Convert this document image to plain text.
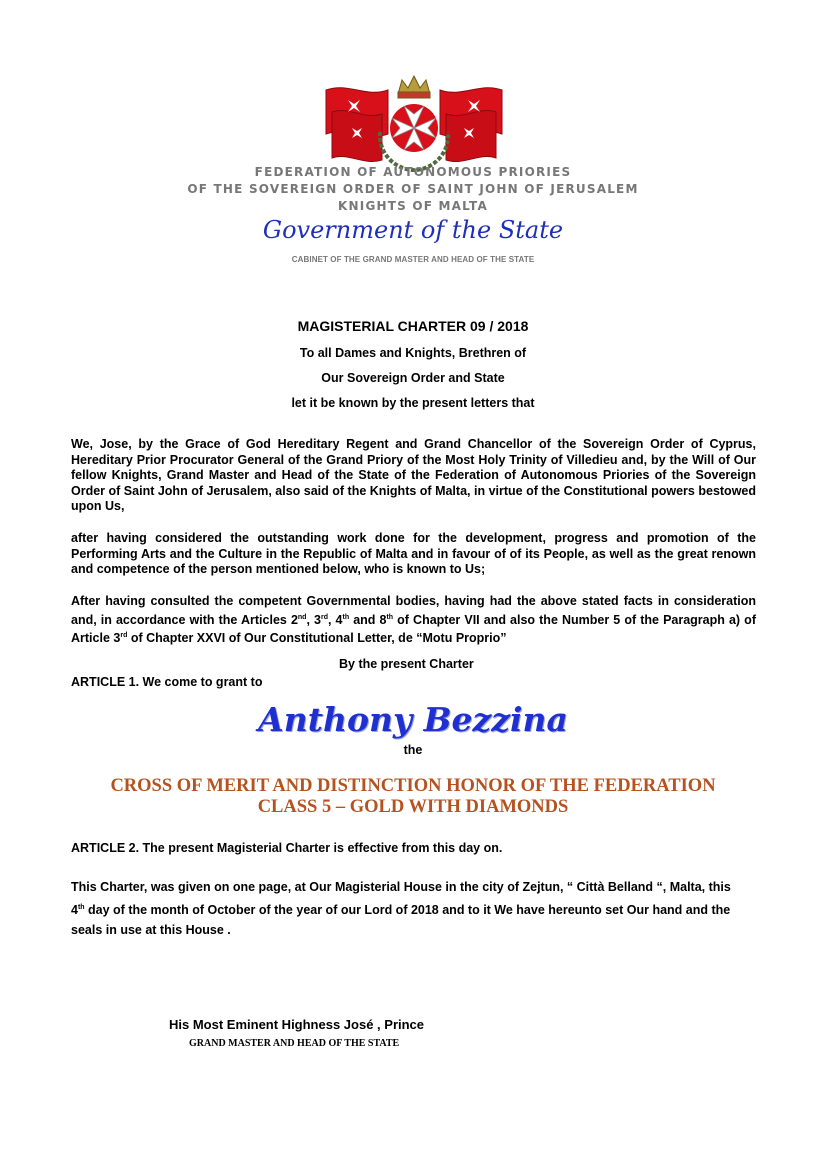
FEDERATION OF AUTONOMOUS PRIORIES
OF THE SOVEREIGN ORDER OF SAINT JOHN OF JERUSALEM
KNIGHTS OF MALTA
Government of the State
CABINET OF THE GRAND MASTER AND HEAD OF THE STATE
MAGISTERIAL CHARTER 09 / 2018
To all Dames and Knights, Brethren of
Our Sovereign Order and State
let it be known by the present letters that
We, Jose, by the Grace of God Hereditary Regent and Grand Chancellor of the Sovereign Order of Cyprus, Hereditary Prior Procurator General of the Grand Priory of the Most Holy Trinity of Villedieu and, by the Will of Our fellow Knights, Grand Master and Head of the State of the Federation of Autonomous Priories of the Sovereign Order of Saint John of Jerusalem, also said of the Knights of Malta, in virtue of the Constitutional powers bestowed upon Us,
after having considered the outstanding work done for the development, progress and promotion of the Performing Arts and the Culture in the Republic of Malta and in favour of of its People, as well as the great renown and competence of the person mentioned below, who is known to Us;
After having consulted the competent Governmental bodies, having had the above stated facts in consideration and, in accordance with the Articles 2nd, 3rd, 4th and 8th of Chapter VII and also the Number 5 of the Paragraph a) of Article 3rd of Chapter XXVI of Our Constitutional Letter, de “Motu Proprio”
By the present Charter
ARTICLE 1. We come to grant to
Anthony Bezzina
the
CROSS OF MERIT AND DISTINCTION HONOR OF THE FEDERATION
CLASS 5 – GOLD WITH DIAMONDS
ARTICLE 2. The present Magisterial Charter is effective from this day on.
This Charter, was given on one page, at Our Magisterial House in the city of Zejtun, “ Città Belland “, Malta, this 4th day of the month of October of the year of our Lord of 2018 and to it We have hereunto set Our hand and the seals in use at this House .
His Most Eminent Highness José , Prince
GRAND MASTER AND HEAD OF THE STATE
